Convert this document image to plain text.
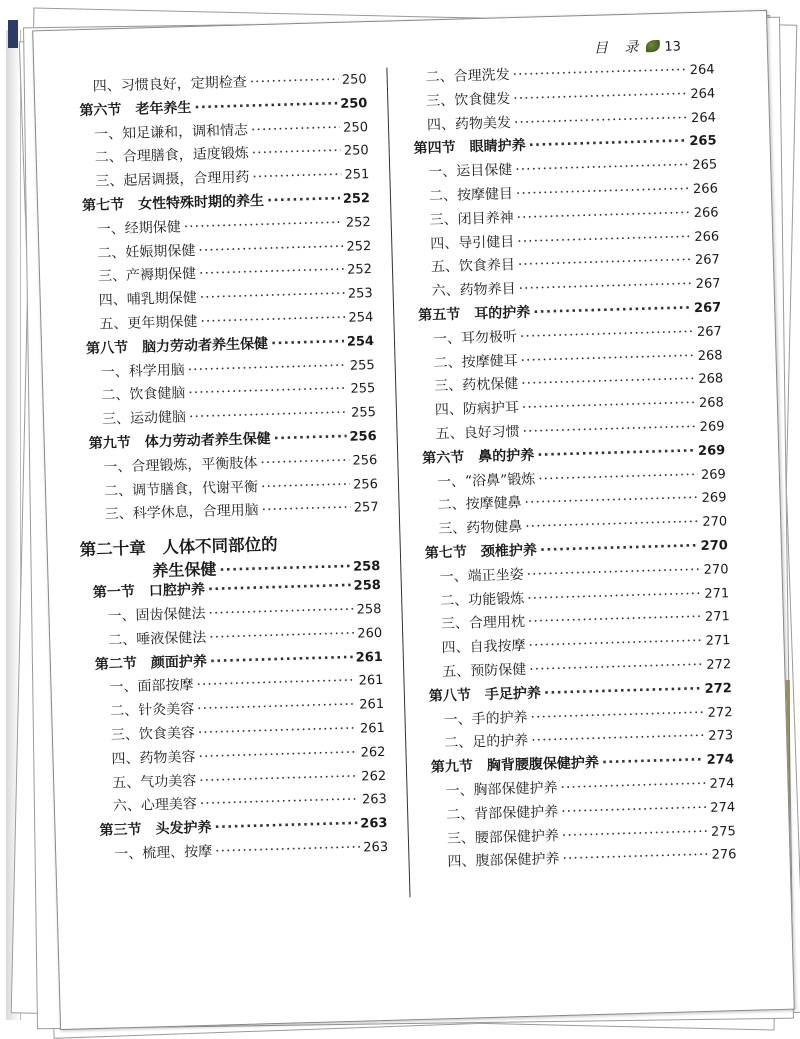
目 录 13
四、习惯良好，定期检查 ·····	250
第六节　老年养生 ·····	250
一、知足谦和，调和情志 ·····	250
二、合理膳食，适度锻炼 ·····	250
三、起居调摄，合理用药 ·····	251
第七节　女性特殊时期的养生 ·····	252
一、经期保健 ·····	252
二、妊娠期保健 ·····	252
三、产褥期保健 ·····	252
四、哺乳期保健 ·····	253
五、更年期保健 ·····	254
第八节　脑力劳动者养生保健 ·····	254
一、科学用脑 ·····	255
二、饮食健脑 ·····	255
三、运动健脑 ·····	255
第九节　体力劳动者养生保健 ·····	256
一、合理锻炼，平衡肢体 ·····	256
二、调节膳食，代谢平衡 ·····	256
三、科学休息，合理用脑 ·····	257
第二十章　人体不同部位的
养生保健 ·····	258
第一节　口腔护养 ·····	258
一、固齿保健法 ·····	258
二、唾液保健法 ·····	260
第二节　颜面护养 ·····	261
一、面部按摩 ·····	261
二、针灸美容 ·····	261
三、饮食美容 ·····	261
四、药物美容 ·····	262
五、气功美容 ·····	262
六、心理美容 ·····	263
第三节　头发护养 ·····	263
一、梳理、按摩 ·····	263
二、合理洗发 ·····	264
三、饮食健发 ·····	264
四、药物美发 ·····	264
第四节　眼睛护养 ·····	265
一、运目保健 ·····	265
二、按摩健目 ·····	266
三、闭目养神 ·····	266
四、导引健目 ·····	266
五、饮食养目 ·····	267
六、药物养目 ·····	267
第五节　耳的护养 ·····	267
一、耳勿极听 ·····	267
二、按摩健耳 ·····	268
三、药枕保健 ·····	268
四、防病护耳 ·····	268
五、良好习惯 ·····	269
第六节　鼻的护养 ·····	269
一、“浴鼻”锻炼 ·····	269
二、按摩健鼻 ·····	269
三、药物健鼻 ·····	270
第七节　颈椎护养 ·····	270
一、端正坐姿 ·····	270
二、功能锻炼 ·····	271
三、合理用枕 ·····	271
四、自我按摩 ·····	271
五、预防保健 ·····	272
第八节　手足护养 ·····	272
一、手的护养 ·····	272
二、足的护养 ·····	273
第九节　胸背腰腹保健护养 ·····	274
一、胸部保健护养 ·····	274
二、背部保健护养 ·····	274
三、腰部保健护养 ·····	275
四、腹部保健护养 ·····	276
